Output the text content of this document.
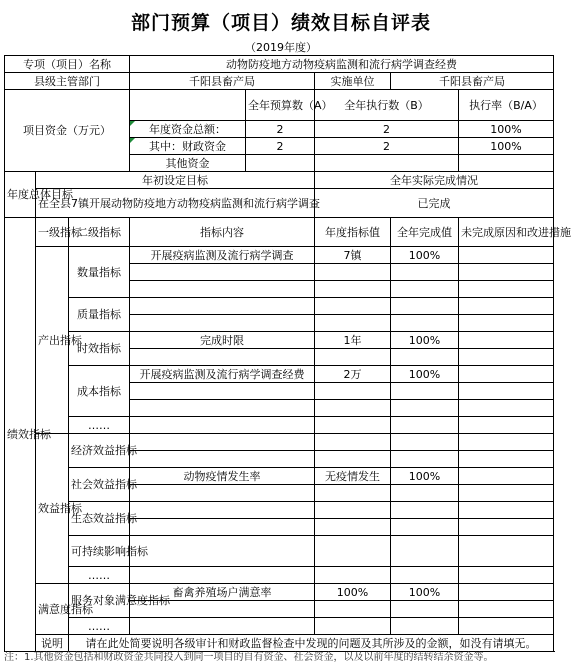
部门预算（项目）绩效目标自评表
（2019年度）
专项（项目）名称			动物防疫地方动物疫病监测和流行病学调查经费				
县级主管部门			千阳县畜产局		实施单位	千阳县畜产局	
项目资金（万元）				全年预算数（A）	全年执行数（B）		执行率（B/A）
			年度资金总额：	2	2		100%
			其中：财政资金	2	2		100%
			其他资金				
年度总体目标	年初设定目标				全年实际完成情况		
	在全县7镇开展动物防疫地方动物疫病监测和流行病学调查				已完成		
绩效指标	一级指标	二级指标	指标内容		年度指标值	全年完成值	未完成原因和改进措施
	产出指标	数量指标	开展疫病监测及流行病学调查		7镇	100%	

		质量指标					

		时效指标	完成时限		1年	100%	

		成本指标	开展疫病监测及流行病学调查经费		2万	100%	

		……					
	效益指标	经济效益指标					

		社会效益指标	动物疫情发生率		无疫情发生	100%	

		生态效益指标					

		可持续影响指标					
		……					
	满意度指标	服务对象满意度指标	畜禽养殖场户满意率		100%	100%	

		……					
	说明	请在此处简要说明各级审计和财政监督检查中发现的问题及其所涉及的金额，如没有请填无。					
注：1.其他资金包括和财政资金共同投入到同一项目的自有资金、社会资金，以及以前年度的结转结余资金等。
